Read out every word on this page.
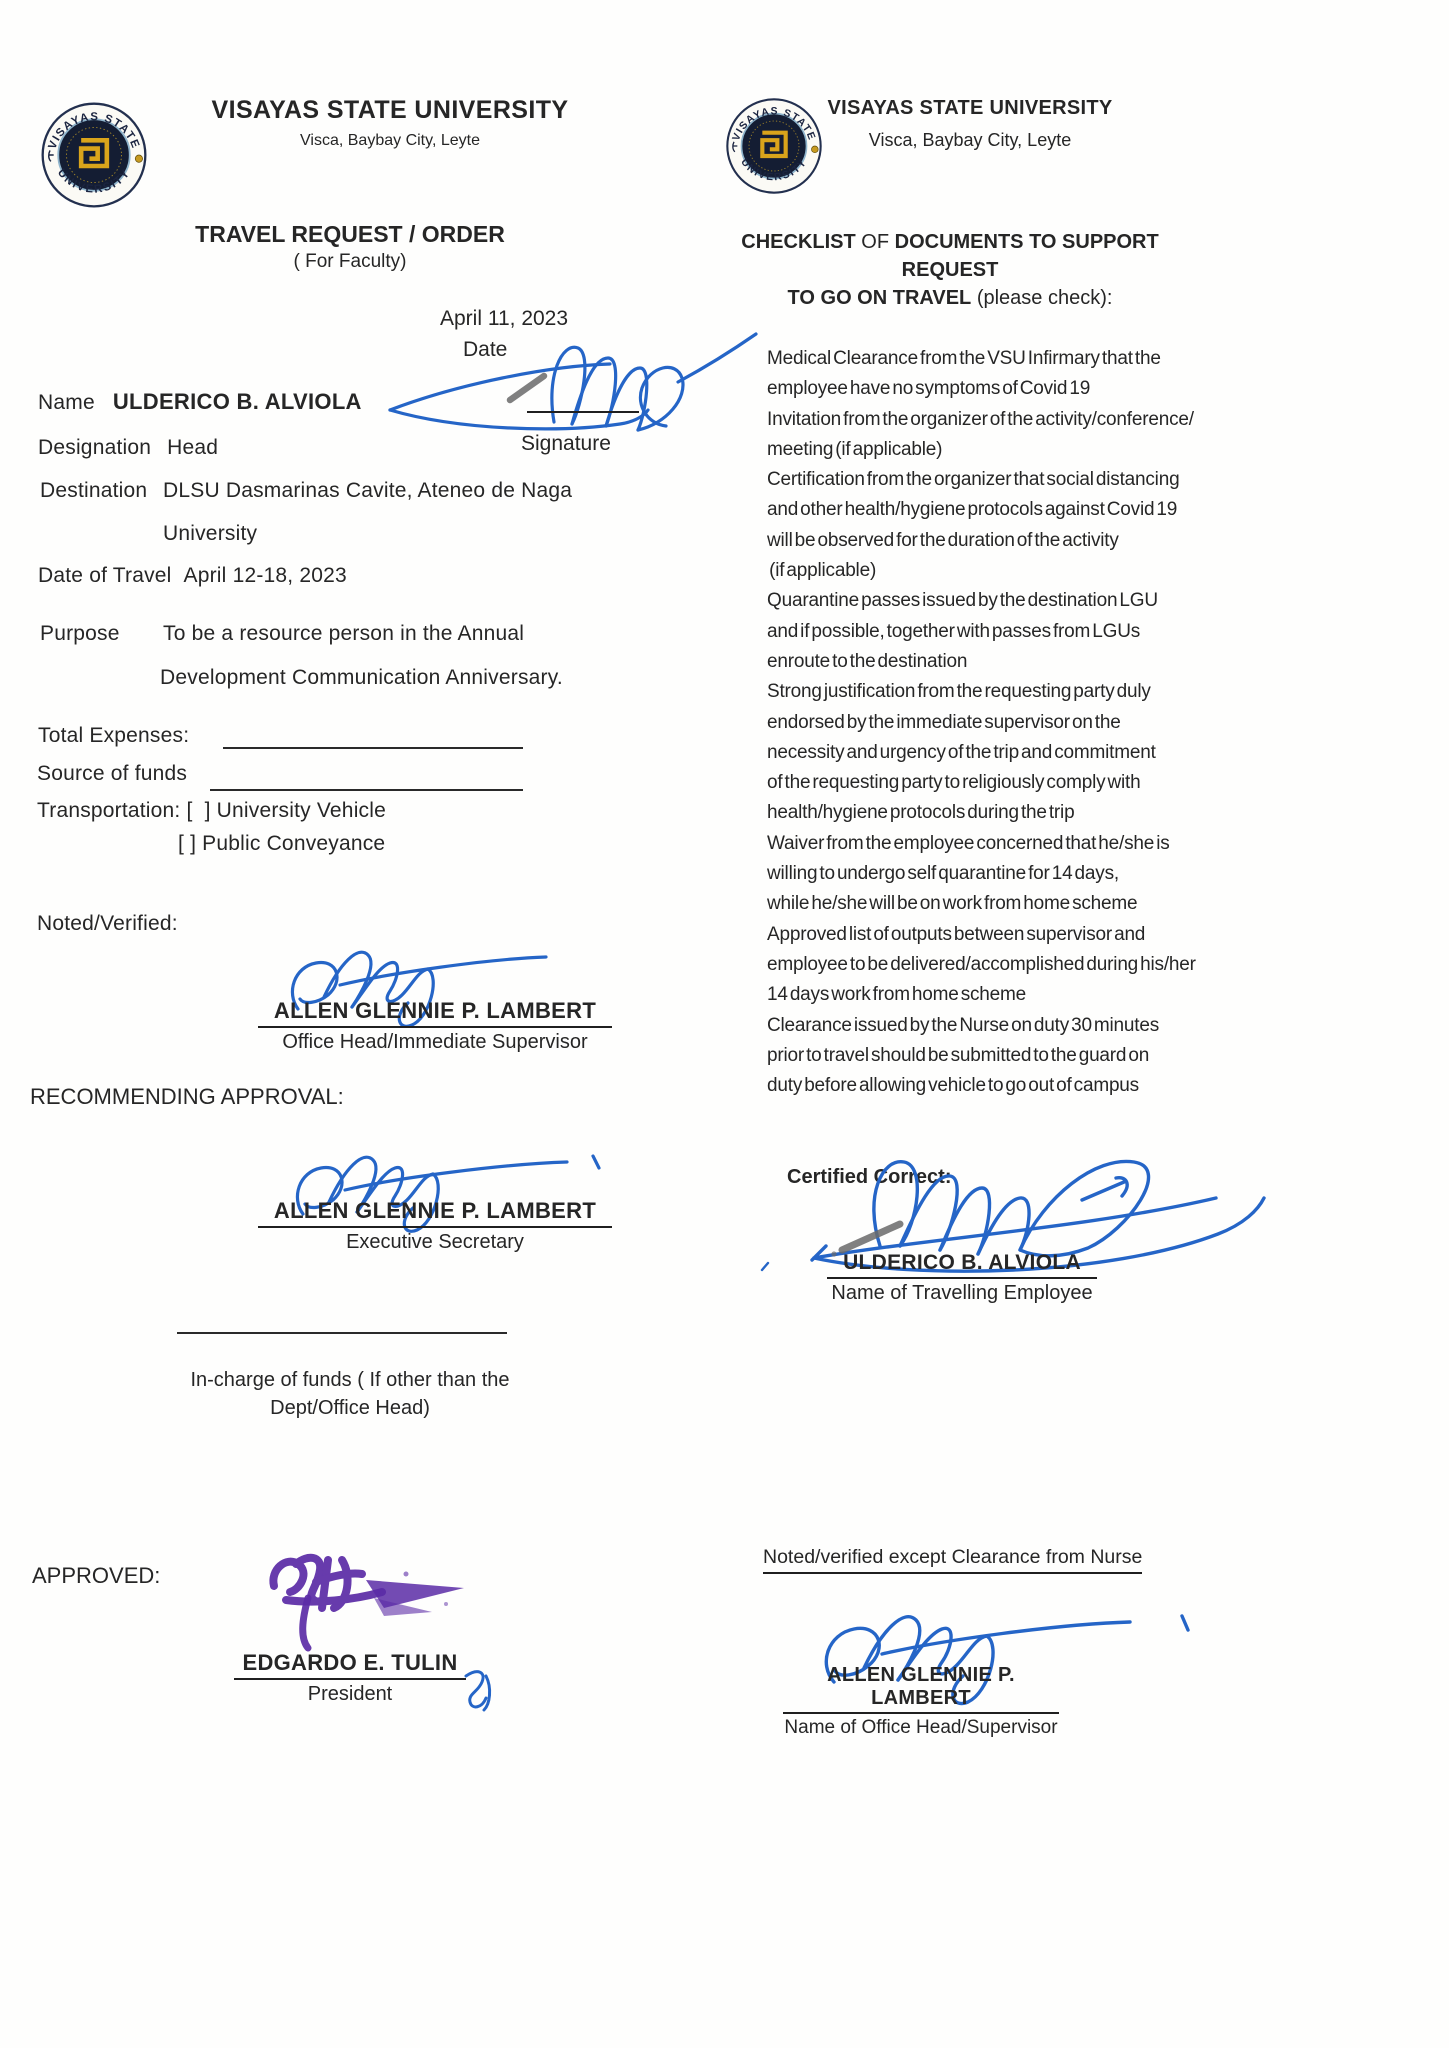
VISAYAS STATE
UNIVERSITY
VISAYAS STATE UNIVERSITY
Visca, Baybay City, Leyte
TRAVEL REQUEST / ORDER
( For Faculty)
April 11, 2023
Date
Signature
Name ULDERICO B. ALVIOLA
Designation Head
Destination DLSU Dasmarinas Cavite, Ateneo de Naga
University
Date of Travel April 12-18, 2023
Purpose To be a resource person in the Annual
Development Communication Anniversary.
Total Expenses:
Source of funds
Transportation: [  ] University Vehicle
[ ] Public Conveyance
Noted/Verified:
ALLEN GLENNIE P. LAMBERT
Office Head/Immediate Supervisor
RECOMMENDING APPROVAL:
ALLEN GLENNIE P. LAMBERT
Executive Secretary
In-charge of funds ( If other than the
Dept/Office Head)
APPROVED:
EDGARDO E. TULIN
President
VISAYAS STATE
UNIVERSITY
VISAYAS STATE UNIVERSITY
Visca, Baybay City, Leyte
CHECKLIST OF DOCUMENTS TO SUPPORT REQUEST
TO GO ON TRAVEL (please check):
Medical Clearance from the VSU Infirmary that the
employee have no symptoms of Covid 19
Invitation from the organizer of the activity/conference/
meeting (if applicable)
Certification from the organizer that social distancing
and other health/hygiene protocols against Covid 19
will be observed for the duration of the activity
(if applicable)
Quarantine passes issued by the destination LGU
and if possible, together with passes from LGUs
enroute to the destination
Strong justification from the requesting party duly
endorsed by the immediate supervisor on the
necessity and urgency of the trip and commitment
of the requesting party to religiously comply with
health/hygiene protocols during the trip
Waiver from the employee concerned that he/she is
willing to undergo self quarantine for 14 days,
while he/she will be on work from home scheme
Approved list of outputs between supervisor and
employee to be delivered/accomplished during his/her
14 days work from home scheme
Clearance issued by the Nurse on duty 30 minutes
prior to travel should be submitted to the guard on
duty before allowing vehicle to go out of campus
Certified Correct:
ULDERICO B. ALVIOLA
Name of Travelling Employee
Noted/verified except Clearance from Nurse
ALLEN GLENNIE P. LAMBERT
Name of Office Head/Supervisor
